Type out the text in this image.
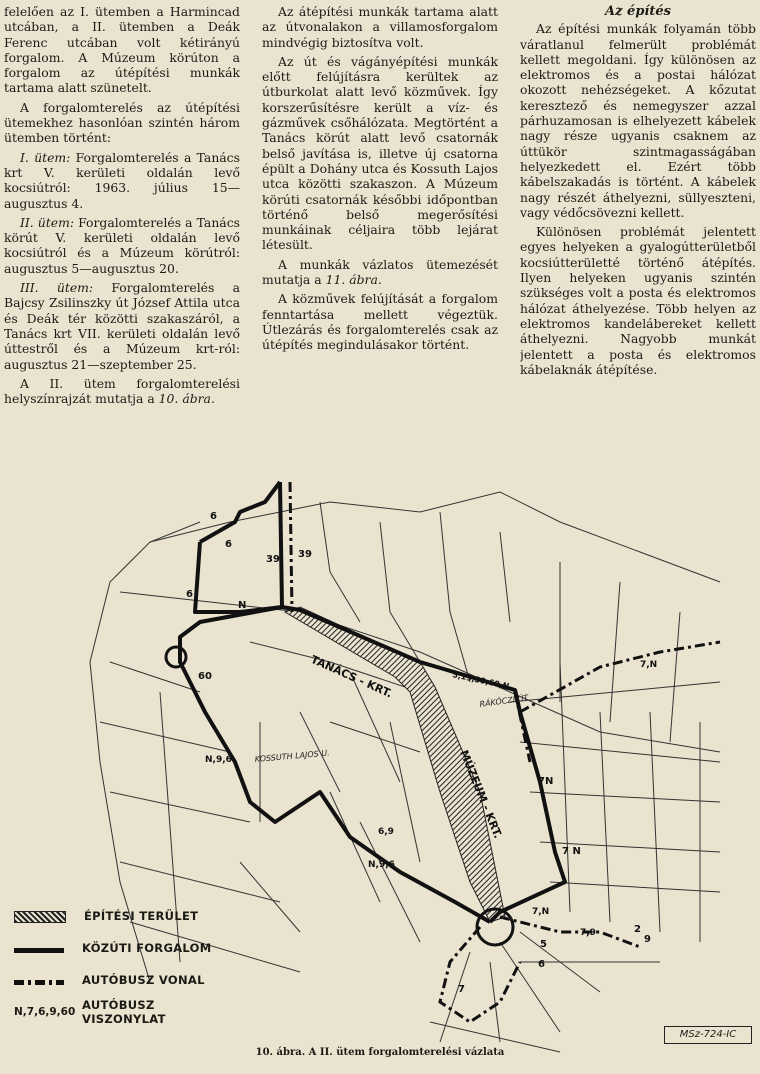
felelően az I. ütemben a Harmincad utcában, a II. ütemben a Deák Ferenc utcában volt kétirányú forgalom. A Múzeum körúton a forgalom az útépítési munkák tartama alatt szünetelt.

A forgalomterelés az útépítési ütemekhez hasonlóan szintén három ütemben történt:

I. ütem: Forgalomterelés a Tanács krt V. kerületi oldalán levő kocsiútról: 1963. július 15—augusztus 4.

II. ütem: Forgalomterelés a Tanács körút V. kerületi oldalán levő kocsiútról és a Múzeum körútról: augusztus 5—augusztus 20.

III. ütem: Forgalomterelés a Bajcsy Zsilinszky út József Attila utca és Deák tér közötti szakaszáról, a Tanács krt VII. kerületi oldalán levő úttestről és a Múzeum krt-ról: augusztus 21—szeptember 25.

A II. ütem forgalomterelési helyszínrajzát mutatja a 10. ábra.

Az átépítési munkák tartama alatt az útvonalakon a villamosforgalom mindvégig biztosítva volt.

Az út és vágányépítési munkák előtt felújításra kerültek az útburkolat alatt levő közművek. Így korszerűsítésre került a víz- és gázművek csőhálózata. Megtörtént a Tanács körút alatt levő csatornák belső javítása is, illetve új csatorna épült a Dohány utca és Kossuth Lajos utca közötti szakaszon. A Múzeum körúti csatornák későbbi időpontban történő belső megerősítési munkáinak céljaira több lejárat létesült.

A munkák vázlatos ütemezését mutatja a 11. ábra.

A közművek felújítását a forgalom fenntartása mellett végeztük. Útlezárás és forgalomterelés csak az útépítés megindulásakor történt.

Az építés

Az építési munkák folyamán több váratlanul felmerült problémát kellett megoldani. Így különösen az elektromos és a postai hálózat okozott nehézségeket. A kőzutat keresztező és nemegyszer azzal párhuzamosan is elhelyezett kábelek nagy része ugyanis csaknem az úttükör szintmagasságában helyezkedett el. Ezért több kábelszakadás is történt. A kábelek nagy részét áthelyezni, süllyeszteni, vagy védőcsövezni kellett.

Különösen problémát jelentett egyes helyeken a gyalogútterületből kocsiútterületté történő átépítés. Ilyen helyeken ugyanis szintén szükséges volt a posta és elektromos hálózat áthelyezése. Több helyen az elektromos kandelábereket kellett áthelyezni. Nagyobb munkát jelentett a posta és elektromos kábelaknák átépítése.

TANÁCS - KRT.
MÚZEUM - KRT.
KOSSUTH LAJOS U.
RÁKÓCZI ÚT
6
6
6
39 39
N
60
N,9,6
6,9
N,9,6
5,19,39,60,N
7,N
7N
7 N
7,N
7,9
9
2
5
6
7
ÉPÍTÉSI TERÜLET
KÖZÚTI FORGALOM
AUTÓBUSZ VONAL
N,7,6,9,60 AUTÓBUSZ VISZONYLAT
MSz-724-IC
10. ábra. A II. ütem forgalomterelési vázlata
